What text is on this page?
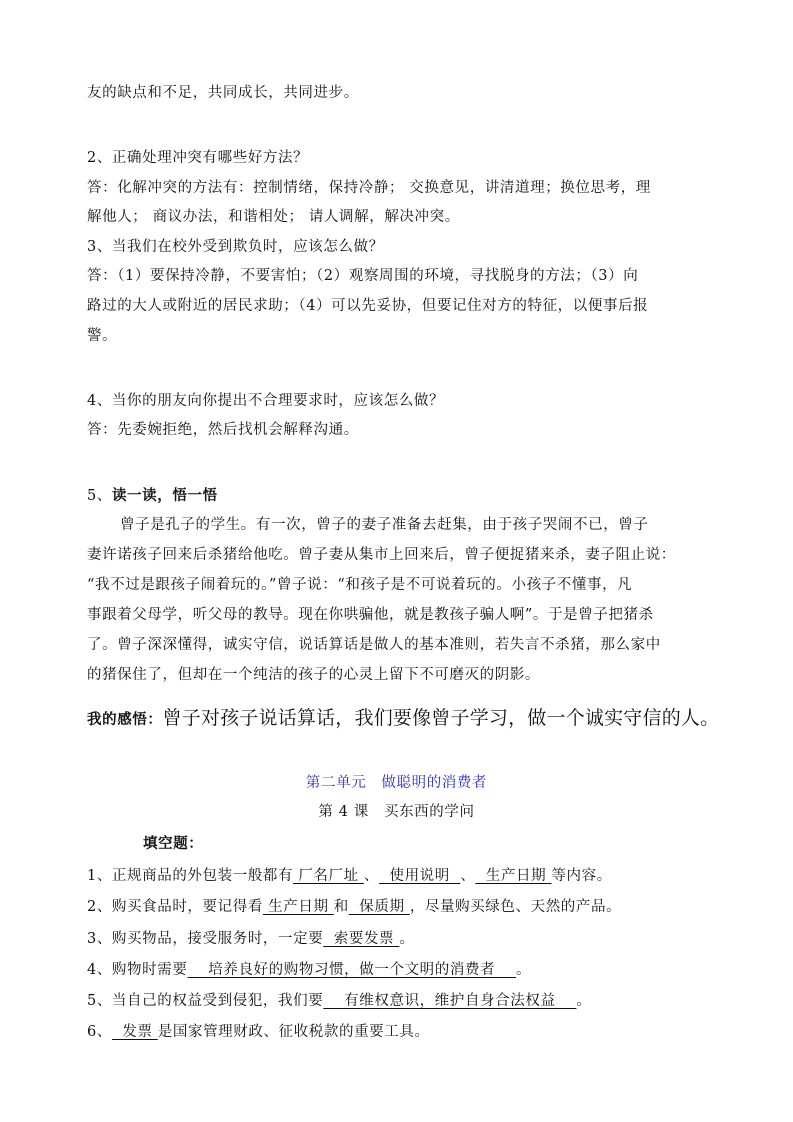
友的缺点和不足，共同成长，共同进步。
2、正确处理冲突有哪些好方法？
答：化解冲突的方法有：控制情绪，保持冷静； 交换意见，讲清道理；换位思考，理
解他人； 商议办法，和谐相处； 请人调解，解决冲突。
3、当我们在校外受到欺负时，应该怎么做？
答：（1）要保持冷静，不要害怕；（2）观察周围的环境，寻找脱身的方法；（3）向
路过的大人或附近的居民求助；（4）可以先妥协，但要记住对方的特征，以便事后报
警。
4、当你的朋友向你提出不合理要求时，应该怎么做？
答：先委婉拒绝，然后找机会解释沟通。
5、读一读，悟一悟
曾子是孔子的学生。有一次，曾子的妻子准备去赶集，由于孩子哭闹不已，曾子
妻许诺孩子回来后杀猪给他吃。曾子妻从集市上回来后，曾子便捉猪来杀，妻子阻止说：
“我不过是跟孩子闹着玩的。”曾子说：“和孩子是不可说着玩的。小孩子不懂事，凡
事跟着父母学，听父母的教导。现在你哄骗他，就是教孩子骗人啊”。于是曾子把猪杀
了。曾子深深懂得，诚实守信，说话算话是做人的基本准则，若失言不杀猪，那么家中
的猪保住了，但却在一个纯洁的孩子的心灵上留下不可磨灭的阴影。
我的感悟：曾子对孩子说话算话，我们要像曾子学习，做一个诚实守信的人。
第二单元　做聪明的消费者
第 4 课　买东西的学问
填空题：
1、正规商品的外包装一般都有 厂名厂址 、  使用说明  、  生产日期 等内容。
2、购买食品时，要记得看 生产日期 和  保质期 ，尽量购买绿色、天然的产品。
3、购买物品，接受服务时，一定要  索要发票 。
4、购物时需要    培养良好的购物习惯，做一个文明的消费者    。
5、当自己的权益受到侵犯，我们要    有维权意识，维护自身合法权益    。
6、  发票 是国家管理财政、征收税款的重要工具。
